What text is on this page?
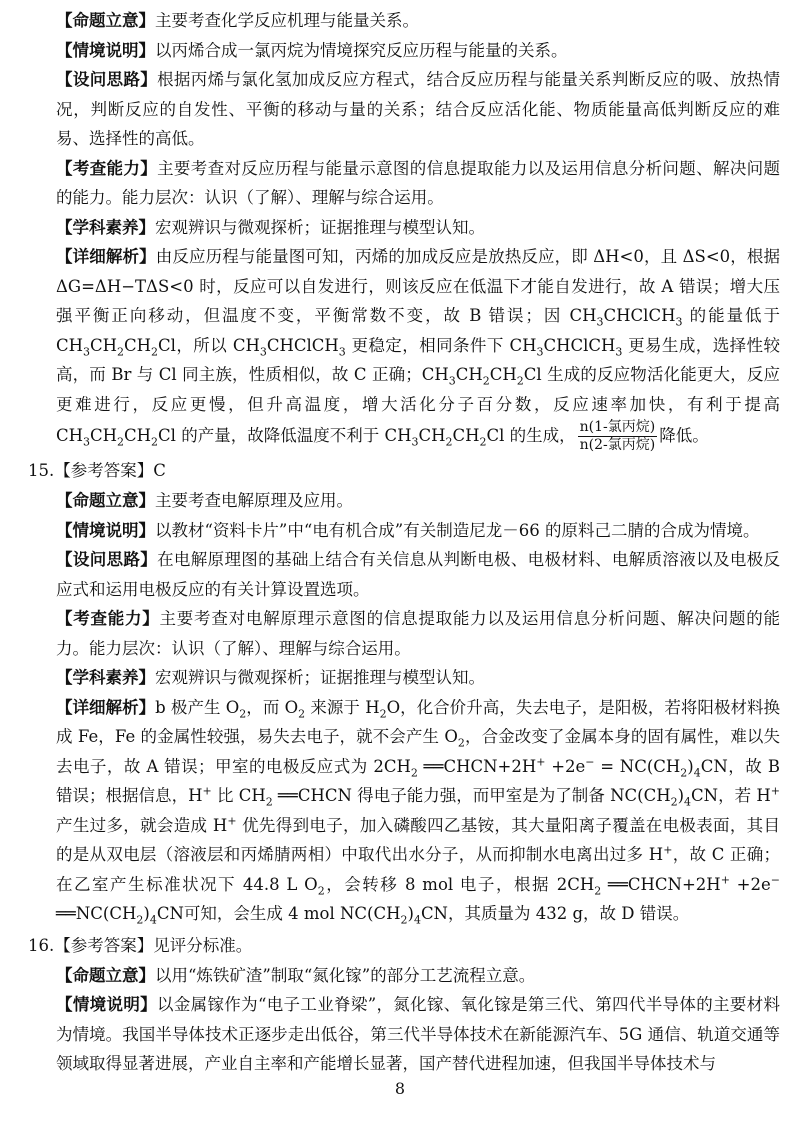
【命题立意】主要考查化学反应机理与能量关系。

【情境说明】以丙烯合成一氯丙烷为情境探究反应历程与能量的关系。

【设问思路】根据丙烯与氯化氢加成反应方程式，结合反应历程与能量关系判断反应的吸、放热情况，判断反应的自发性、平衡的移动与量的关系；结合反应活化能、物质能量高低判断反应的难易、选择性的高低。

【考查能力】主要考查对反应历程与能量示意图的信息提取能力以及运用信息分析问题、解决问题的能力。能力层次：认识（了解）、理解与综合运用。

【学科素养】宏观辨识与微观探析；证据推理与模型认知。

【详细解析】由反应历程与能量图可知，丙烯的加成反应是放热反应，即 ΔH<0，且 ΔS<0，根据ΔG=ΔH−TΔS<0 时，反应可以自发进行，则该反应在低温下才能自发进行，故 A 错误；增大压强平衡正向移动，但温度不变，平衡常数不变，故 B 错误；因 $CH_3CHClCH_3$ 的能量低于 $CH_3CH_2CH_2Cl$，所以 $CH_3CHClCH_3$ 更稳定，相同条件下 $CH_3CHClCH_3$ 更易生成，选择性较高，而 Br 与 Cl 同主族，性质相似，故 C 正确；$CH_3CH_2CH_2Cl$ 生成的反应物活化能更大，反应更难进行，反应更慢，但升高温度，增大活化分子百分数，反应速率加快，有利于提高 $CH_3CH_2CH_2Cl$ 的产量，故降低温度不利于 $CH_3CH_2CH_2Cl$ 的生成， $\frac{\text{n(1-氯丙烷)}}{\text{n(2-氯丙烷)}}$ 降低。

15.【参考答案】C

【命题立意】主要考查电解原理及应用。

【情境说明】以教材“资料卡片”中“电有机合成”有关制造尼龙－66 的原料己二腈的合成为情境。

【设问思路】在电解原理图的基础上结合有关信息从判断电极、电极材料、电解质溶液以及电极反应式和运用电极反应的有关计算设置选项。

【考查能力】主要考查对电解原理示意图的信息提取能力以及运用信息分析问题、解决问题的能力。能力层次：认识（了解）、理解与综合运用。

【学科素养】宏观辨识与微观探析；证据推理与模型认知。

【详细解析】b 极产生 $O_2$，而 $O_2$ 来源于 $H_2O$，化合价升高，失去电子，是阳极，若将阳极材料换成 Fe，Fe 的金属性较强，易失去电子，就不会产生 $O_2$，合金改变了金属本身的固有属性，难以失去电子，故 A 错误；甲室的电极反应式为 $2CH_2$ ══CHCN+2H+ $+2e^- = NC(CH_2)_4CN$，故 B 错误；根据信息，H+ 比 $CH_2$ ══CHCN 得电子能力强，而甲室是为了制备 $NC(CH_2)_4CN$，若 H+ 产生过多，就会造成 H+ 优先得到电子，加入磷酸四乙基铵，其大量阳离子覆盖在电极表面，其目的是从双电层（溶液层和丙烯腈两相）中取代出水分子，从而抑制水电离出过多 H+，故 C 正确；在乙室产生标准状况下 44.8 L $O_2$，会转移 8 mol 电子，根据 $2CH_2$ ══CHCN+2H+ +2e− $══NC(CH_2)_4CN$可知，会生成 4 mol $NC(CH_2)_4CN$，其质量为 432 g，故 D 错误。

16.【参考答案】见评分标准。

【命题立意】以用“炼铁矿渣”制取“氮化镓”的部分工艺流程立意。

【情境说明】以金属镓作为“电子工业脊梁”，氮化镓、氧化镓是第三代、第四代半导体的主要材料为情境。我国半导体技术正逐步走出低谷，第三代半导体技术在新能源汽车、5G 通信、轨道交通等领域取得显著进展，产业自主率和产能增长显著，国产替代进程加速，但我国半导体技术与

8
